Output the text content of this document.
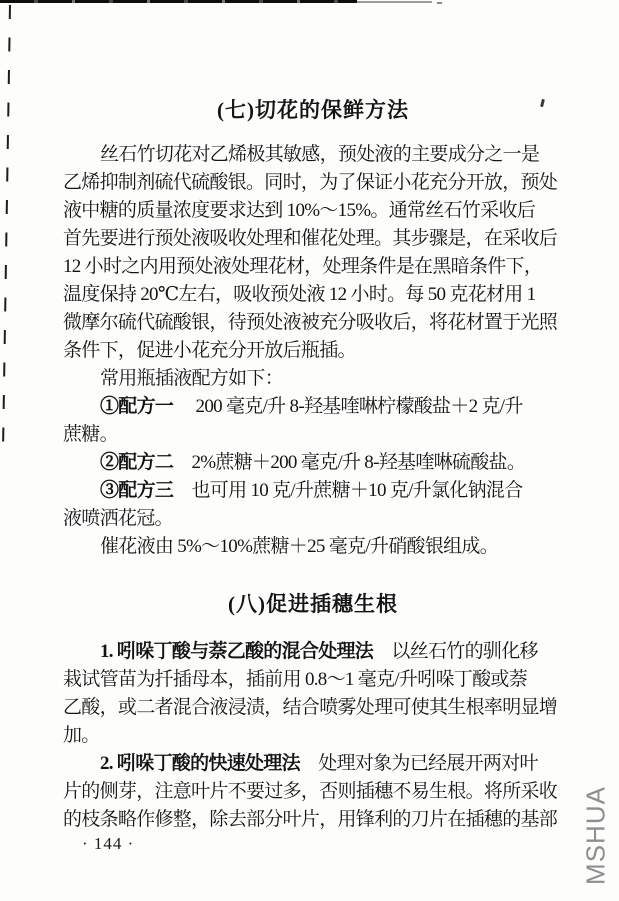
(七)切花的保鲜方法
丝石竹切花对乙烯极其敏感，预处液的主要成分之一是
乙烯抑制剂硫代硫酸银。同时，为了保证小花充分开放，预处
液中糖的质量浓度要求达到 10%～15%。通常丝石竹采收后
首先要进行预处液吸收处理和催花处理。其步骤是，在采收后
12 小时之内用预处液处理花材，处理条件是在黑暗条件下，
温度保持 20℃左右，吸收预处液 12 小时。每 50 克花材用 1
微摩尔硫代硫酸银，待预处液被充分吸收后，将花材置于光照
条件下，促进小花充分开放后瓶插。
常用瓶插液配方如下：
①配方一　 200 毫克/升 8-羟基喹啉柠檬酸盐＋2 克/升
蔗糖。
②配方二　2%蔗糖＋200 毫克/升 8-羟基喹啉硫酸盐。
③配方三　也可用 10 克/升蔗糖＋10 克/升氯化钠混合
液喷洒花冠。
催花液由 5%～10%蔗糖＋25 毫克/升硝酸银组成。
(八)促进插穗生根
1. 吲哚丁酸与萘乙酸的混合处理法　以丝石竹的驯化移
栽试管苗为扦插母本，插前用 0.8～1 毫克/升吲哚丁酸或萘
乙酸，或二者混合液浸渍，结合喷雾处理可使其生根率明显增
加。
2. 吲哚丁酸的快速处理法　处理对象为已经展开两对叶
片的侧芽，注意叶片不要过多，否则插穗不易生根。将所采收
的枝条略作修整，除去部分叶片，用锋利的刀片在插穗的基部
· 144 ·	MSHUA
